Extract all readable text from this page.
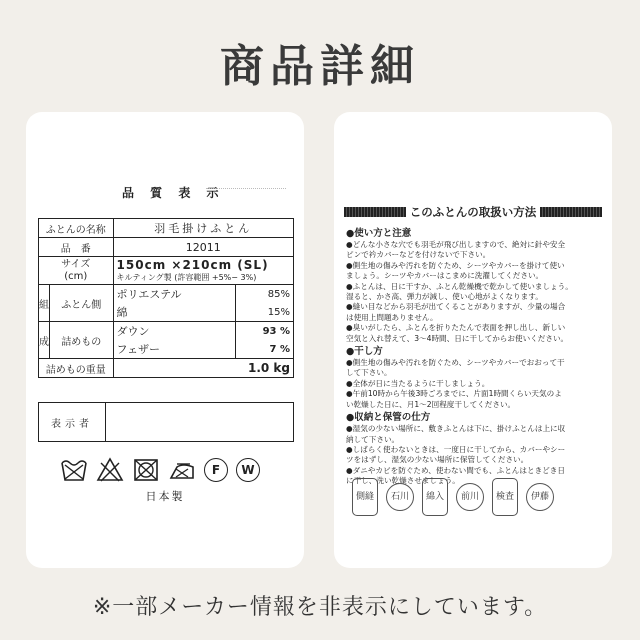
商品詳細
品 質 表 示
ふとんの名称		羽毛掛けふとん	
品　番		12011	
サイズ
(cm)		150cm ×210cm (SL)
キルティング製 (許容範囲 +5%− 3%)	

組	ふとん側	ポリエステル	85%
		綿	15%
成	詰めもの	ダウン	93 %
		フェザー	7 %
詰めもの重量		1.0 kg	
表示者	
F	W
日本製
このふとんの取扱い方法
●使い方と注意
●どんな小さな穴でも羽毛が飛び出しますので、絶対に針や安全
ピンで衿カバーなどを付けないで下さい。
●側生地の傷みや汚れを防ぐため、シーツやカバーを掛けて使い
ましょう。シーツやカバーはこまめに洗濯してください。
●ふとんは、日に干すか、ふとん乾燥機で乾かして使いましょう。
湿ると、かさ高、弾力が減し、使い心地がよくなります。
●縫い目などから羽毛が出てくることがありますが、少量の場合
は使用上問題ありません。
●臭いがしたら、ふとんを折りたたんで表面を押し出し、新しい
空気と入れ替えて、3〜4時間、日に干してからお使いください。
●干し方
●側生地の傷みや汚れを防ぐため、シーツやカバーでおおって干
して下さい。
●全体が日に当たるように干しましょう。
●午前10時から午後3時ごろまでに、片面1時間くらい天気のよ
い乾燥した日に、月1〜2回程度干してください。
●収納と保管の仕方
●湿気の少ない場所に、敷きふとんは下に、掛けふとんは上に収
納して下さい。
●しばらく使わないときは、一度日に干してから、カバーやシー
ツをはずし、湿気の少ない場所に保管してください。
●ダニやカビを防ぐため、使わない間でも、ふとんはときどき日
に干し、洗い乾燥させましょう。
側縫	石川	綿入	前川	検査	伊藤
※一部メーカー情報を非表示にしています。
